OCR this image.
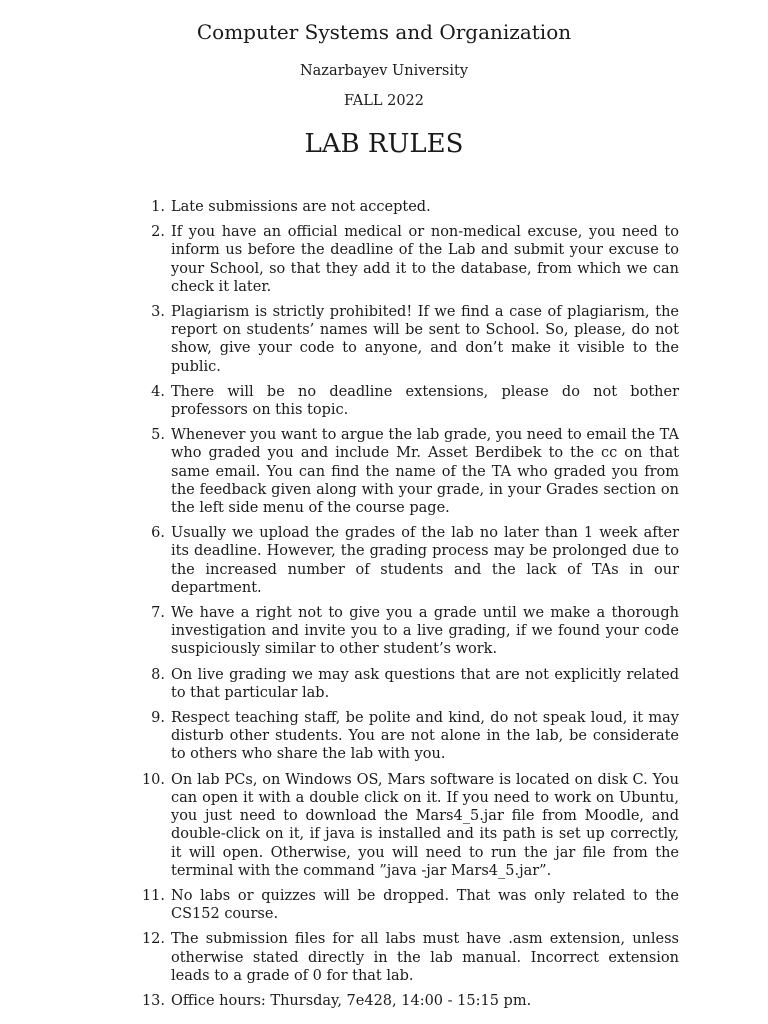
Computer Systems and Organization
Nazarbayev University
FALL 2022
LAB RULES
1. Late submissions are not accepted.
2. If you have an official medical or non-medical excuse, you need to inform us before the deadline of the Lab and submit your excuse to your School, so that they add it to the database, from which we can check it later.
3. Plagiarism is strictly prohibited! If we find a case of plagiarism, the report on students’ names will be sent to School. So, please, do not show, give your code to anyone, and don’t make it visible to the public.
4. There will be no deadline extensions, please do not bother professors on this topic.
5. Whenever you want to argue the lab grade, you need to email the TA who graded you and include Mr. Asset Berdibek to the cc on that same email. You can find the name of the TA who graded you from the feedback given along with your grade, in your Grades section on the left side menu of the course page.
6. Usually we upload the grades of the lab no later than 1 week after its deadline. However, the grading process may be prolonged due to the increased number of students and the lack of TAs in our department.
7. We have a right not to give you a grade until we make a thorough investigation and invite you to a live grading, if we found your code suspiciously similar to other student’s work.
8. On live grading we may ask questions that are not explicitly related to that particular lab.
9. Respect teaching staff, be polite and kind, do not speak loud, it may disturb other students. You are not alone in the lab, be considerate to others who share the lab with you.
10. On lab PCs, on Windows OS, Mars software is located on disk C. You can open it with a double click on it. If you need to work on Ubuntu, you just need to download the Mars4_5.jar file from Moodle, and double-click on it, if java is installed and its path is set up correctly, it will open. Otherwise, you will need to run the jar file from the terminal with the command ”java -jar Mars4_5.jar”.
11. No labs or quizzes will be dropped. That was only related to the CS152 course.
12. The submission files for all labs must have .asm extension, unless otherwise stated directly in the lab manual. Incorrect extension leads to a grade of 0 for that lab.
13. Office hours: Thursday, 7e428, 14:00 - 15:15 pm.
